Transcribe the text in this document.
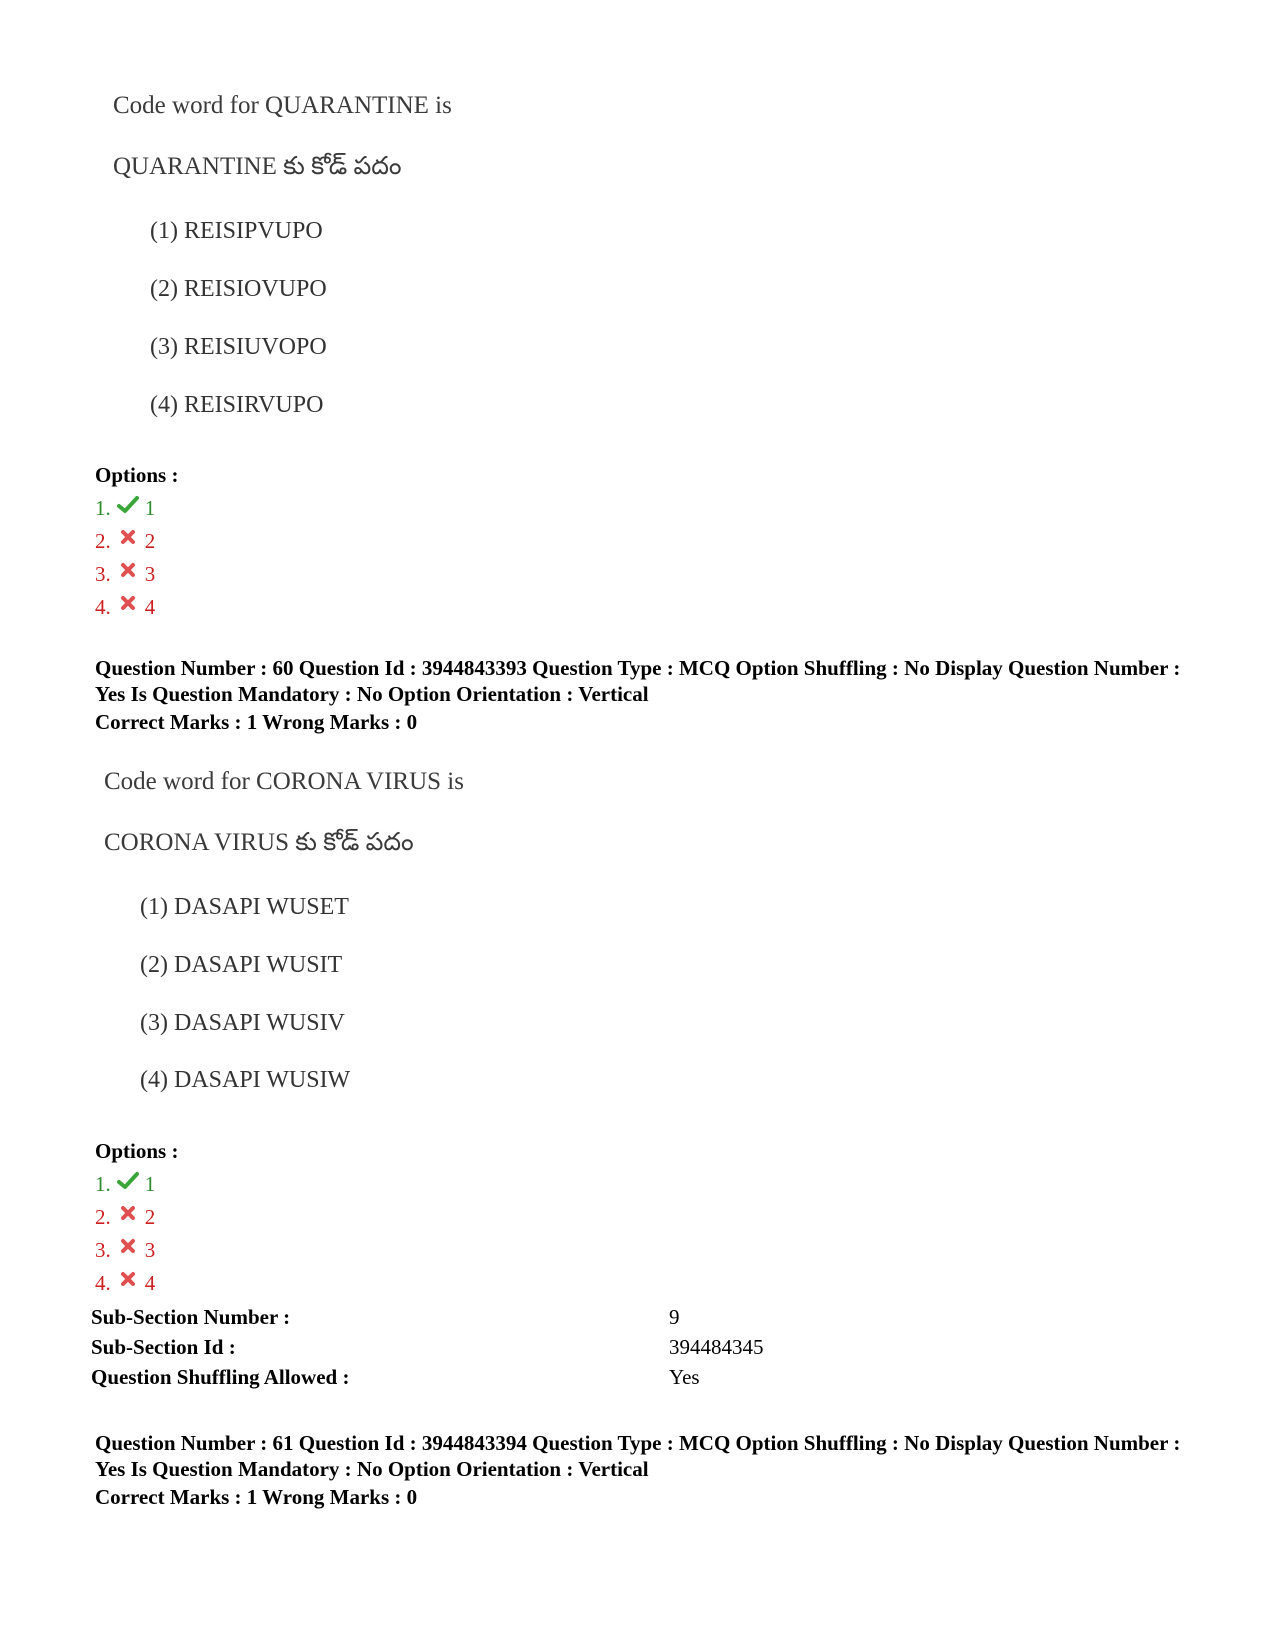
Code word for QUARANTINE is
QUARANTINE కు కోడ్ పదం
(1) REISIPVUPO
(2) REISIOVUPO
(3) REISIUVOPO
(4) REISIRVUPO
Options :
1. 1
2. 2
3. 3
4. 4
Question Number : 60 Question Id : 3944843393 Question Type : MCQ Option Shuffling : No Display Question Number : Yes Is Question Mandatory : No Option Orientation : Vertical
Correct Marks : 1 Wrong Marks : 0
Code word for CORONA VIRUS is
CORONA VIRUS కు కోడ్ పదం
(1) DASAPI WUSET
(2) DASAPI WUSIT
(3) DASAPI WUSIV
(4) DASAPI WUSIW
Options :
1. 1
2. 2
3. 3
4. 4
Sub-Section Number :	9
Sub-Section Id :	394484345
Question Shuffling Allowed :	Yes
Question Number : 61 Question Id : 3944843394 Question Type : MCQ Option Shuffling : No Display Question Number : Yes Is Question Mandatory : No Option Orientation : Vertical
Correct Marks : 1 Wrong Marks : 0
